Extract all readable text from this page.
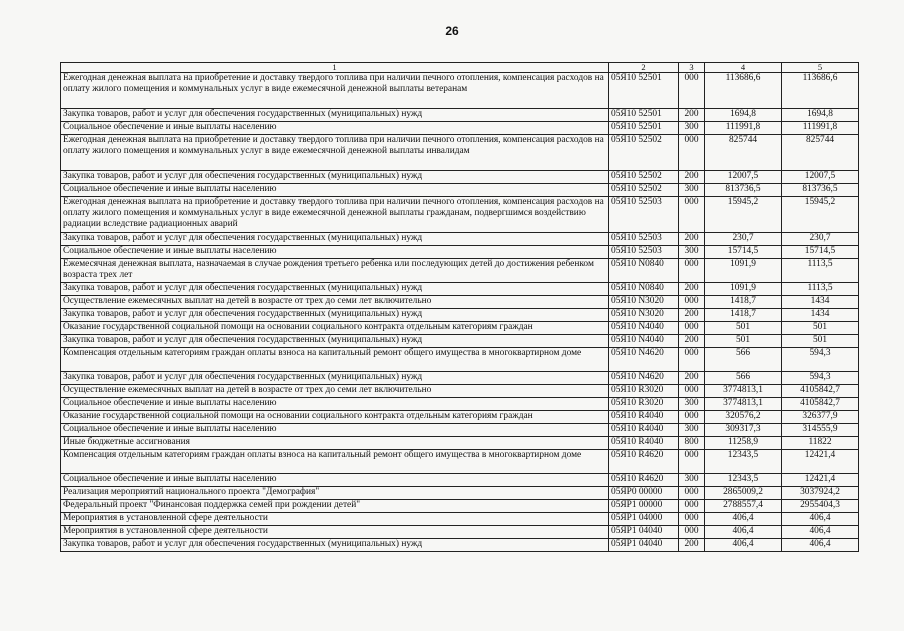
26
1	2	3	4	5
Ежегодная денежная выплата на приобретение и доставку твердого топлива при наличии печного отопления, компенсация расходов на оплату жилого помещения и коммунальных услуг в виде ежемесячной денежной выплаты ветеранам	05Я10 52501	000	113686,6	113686,6
Закупка товаров, работ и услуг для обеспечения государственных (муниципальных) нужд	05Я10 52501	200	1694,8	1694,8
Социальное обеспечение и иные выплаты населению	05Я10 52501	300	111991,8	111991,8
Ежегодная денежная выплата на приобретение и доставку твердого топлива при наличии печного отопления, компенсация расходов на оплату жилого помещения и коммунальных услуг в виде ежемесячной денежной выплаты инвалидам	05Я10 52502	000	825744	825744
Закупка товаров, работ и услуг для обеспечения государственных (муниципальных) нужд	05Я10 52502	200	12007,5	12007,5
Социальное обеспечение и иные выплаты населению	05Я10 52502	300	813736,5	813736,5
Ежегодная денежная выплата на приобретение и доставку твердого топлива при наличии печного отопления, компенсация расходов на оплату жилого помещения и коммунальных услуг в виде ежемесячной денежной выплаты гражданам, подвергшимся воздействию радиации вследствие радиационных аварий	05Я10 52503	000	15945,2	15945,2
Закупка товаров, работ и услуг для обеспечения государственных (муниципальных) нужд	05Я10 52503	200	230,7	230,7
Социальное обеспечение и иные выплаты населению	05Я10 52503	300	15714,5	15714,5
Ежемесячная денежная выплата, назначаемая в случае рождения третьего ребенка или последующих детей до достижения ребенком возраста трех лет	05Я10 N0840	000	1091,9	1113,5
Закупка товаров, работ и услуг для обеспечения государственных (муниципальных) нужд	05Я10 N0840	200	1091,9	1113,5
Осуществление ежемесячных выплат на детей в возрасте от трех до семи лет включительно	05Я10 N3020	000	1418,7	1434
Закупка товаров, работ и услуг для обеспечения государственных (муниципальных) нужд	05Я10 N3020	200	1418,7	1434
Оказание государственной социальной помощи на основании социального контракта отдельным категориям граждан	05Я10 N4040	000	501	501
Закупка товаров, работ и услуг для обеспечения государственных (муниципальных) нужд	05Я10 N4040	200	501	501
Компенсация отдельным категориям граждан оплаты взноса на капитальный ремонт общего имущества в многоквартирном доме	05Я10 N4620	000	566	594,3
Закупка товаров, работ и услуг для обеспечения государственных (муниципальных) нужд	05Я10 N4620	200	566	594,3
Осуществление ежемесячных выплат на детей в возрасте от трех до семи лет включительно	05Я10 R3020	000	3774813,1	4105842,7
Социальное обеспечение и иные выплаты населению	05Я10 R3020	300	3774813,1	4105842,7
Оказание государственной социальной помощи на основании социального контракта отдельным категориям граждан	05Я10 R4040	000	320576,2	326377,9
Социальное обеспечение и иные выплаты населению	05Я10 R4040	300	309317,3	314555,9
Иные бюджетные ассигнования	05Я10 R4040	800	11258,9	11822
Компенсация отдельным категориям граждан оплаты взноса на капитальный ремонт общего имущества в многоквартирном доме	05Я10 R4620	000	12343,5	12421,4
Социальное обеспечение и иные выплаты населению	05Я10 R4620	300	12343,5	12421,4
Реализация мероприятий национального проекта "Демография"	05ЯР0 00000	000	2865009,2	3037924,2
Федеральный проект "Финансовая поддержка семей при рождении детей"	05ЯР1 00000	000	2788557,4	2955404,3
Мероприятия в установленной сфере деятельности	05ЯР1 04000	000	406,4	406,4
Мероприятия в установленной сфере деятельности	05ЯР1 04040	000	406,4	406,4
Закупка товаров, работ и услуг для обеспечения государственных (муниципальных) нужд	05ЯР1 04040	200	406,4	406,4
